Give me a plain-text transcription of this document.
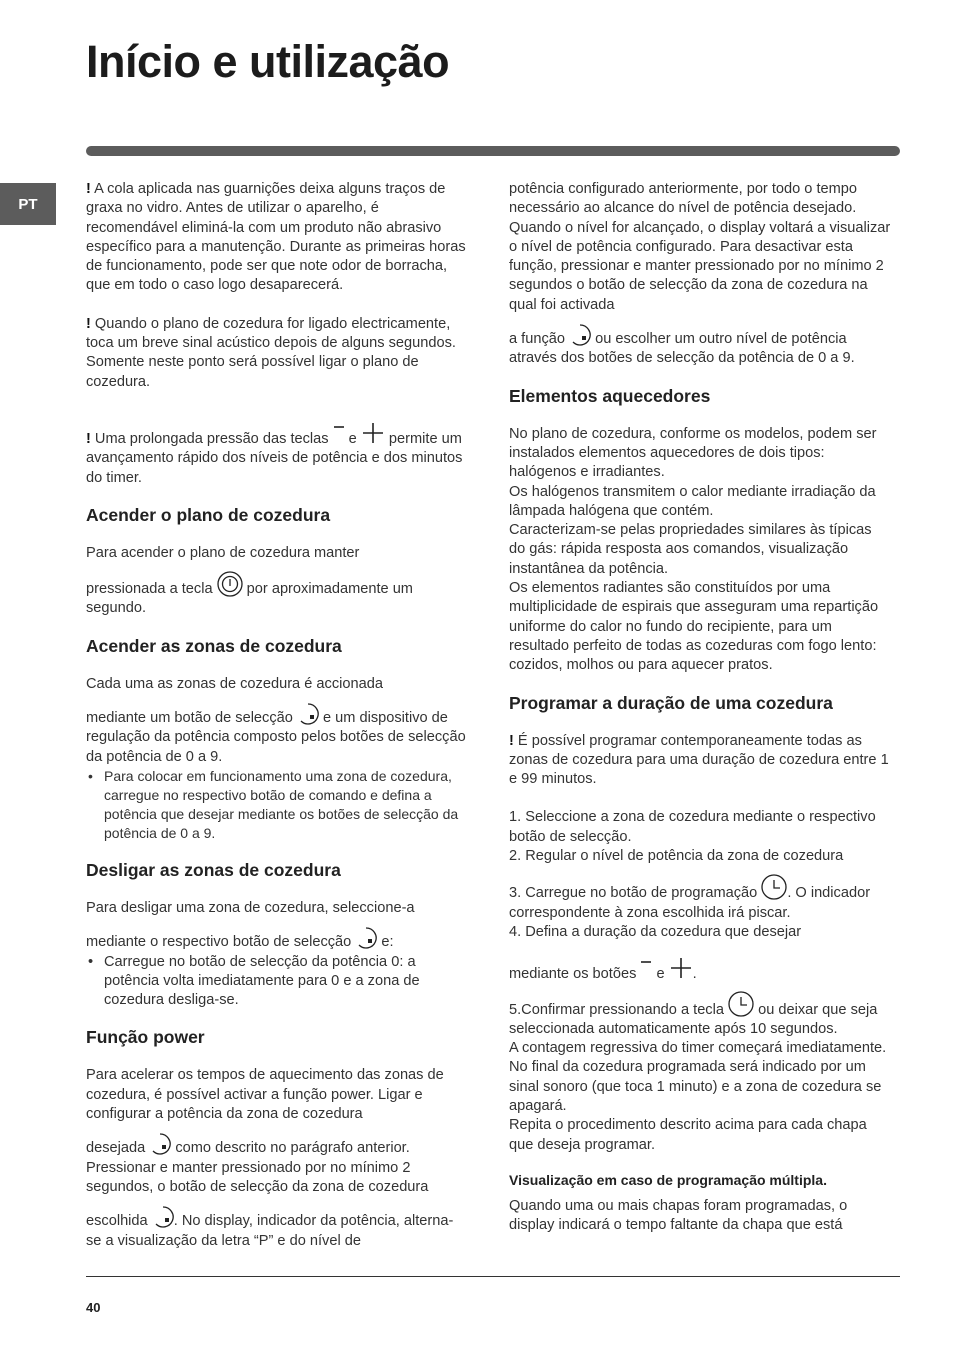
Início e utilização
PT

! A cola aplicada nas guarnições deixa alguns traços de graxa no vidro. Antes de utilizar o aparelho, é recomendável eliminá-la com um produto não abrasivo específico para a manutenção. Durante as primeiras horas de funcionamento, pode ser que note odor de borracha, que em todo o caso logo desaparecerá.

! Quando o plano de cozedura for ligado electricamente, toca um breve sinal acústico depois de alguns segundos. Somente neste ponto será possível ligar o plano de cozedura.

! Uma prolongada pressão das teclas  e  permite um avançamento rápido dos níveis de potência e dos minutos do timer.

Acender o plano de cozedura

Para acender o plano de cozedura manter

pressionada a tecla  por aproximadamente um segundo.

Acender as zonas de cozedura

Cada uma as zonas de cozedura é accionada

mediante um botão de selecção  e um dispositivo de regulação da potência composto pelos botões de selecção da potência de 0 a 9.

• Para colocar em funcionamento uma zona de cozedura, carregue no respectivo botão de comando e defina a potência que desejar mediante os botões de selecção da potência de 0 a 9.

Desligar as zonas de cozedura

Para desligar uma zona de cozedura, seleccione-a

mediante o respectivo botão de selecção  e:

• Carregue no botão de selecção da potência 0: a potência volta imediatamente para 0 e a zona de cozedura desliga-se.

Função power

Para acelerar os tempos de aquecimento das zonas de cozedura, é possível activar a função power. Ligar e configurar a potência da zona de cozedura

desejada  como descrito no parágrafo anterior. Pressionar e manter pressionado por no mínimo 2 segundos, o botão de selecção da zona de cozedura

escolhida . No display, indicador da potência, alterna-se a visualização da letra “P” e do nível de

potência configurado anteriormente, por todo o tempo necessário ao alcance do nível de potência desejado. Quando o nível for alcançado, o display voltará a visualizar o nível de potência configurado. Para desactivar esta função, pressionar e manter pressionado por no mínimo 2 segundos o botão de selecção da zona de cozedura na qual foi activada

a função  ou escolher um outro nível de potência através dos botões de selecção da potência de 0 a 9.

Elementos aquecedores

No plano de cozedura, conforme os modelos, podem ser instalados elementos aquecedores de dois tipos: halógenos e irradiantes.

Os halógenos transmitem o calor mediante irradiação da lâmpada halógena que contém.

Caracterizam-se pelas propriedades similares às típicas do gás: rápida resposta aos comandos, visualização instantânea da potência.

Os elementos radiantes são constituídos por uma multiplicidade de espirais que asseguram uma repartição uniforme do calor no fundo do recipiente, para um resultado perfeito de todas as cozeduras com fogo lento: cozidos, molhos ou para aquecer pratos.

Programar a duração de uma cozedura

! É possível programar contemporaneamente todas as zonas de cozedura para uma duração de cozedura entre 1 e 99 minutos.

1. Seleccione a zona de cozedura mediante o respectivo botão de selecção.

2. Regular o nível de potência da zona de cozedura

3. Carregue no botão de programação . O indicador correspondente à zona escolhida irá piscar.

4. Defina a duração da cozedura que desejar

mediante os botões  e .

5.Confirmar pressionando a tecla  ou deixar que seja seleccionada automaticamente após 10 segundos.

A contagem regressiva do timer começará imediatamente. No final da cozedura programada será indicado por um sinal sonoro (que toca 1 minuto) e a zona de cozedura se apagará.

Repita o procedimento descrito acima para cada chapa que deseja programar.

Visualização em caso de programação múltipla.

Quando uma ou mais chapas foram programadas, o display indicará o tempo faltante da chapa que está

40
